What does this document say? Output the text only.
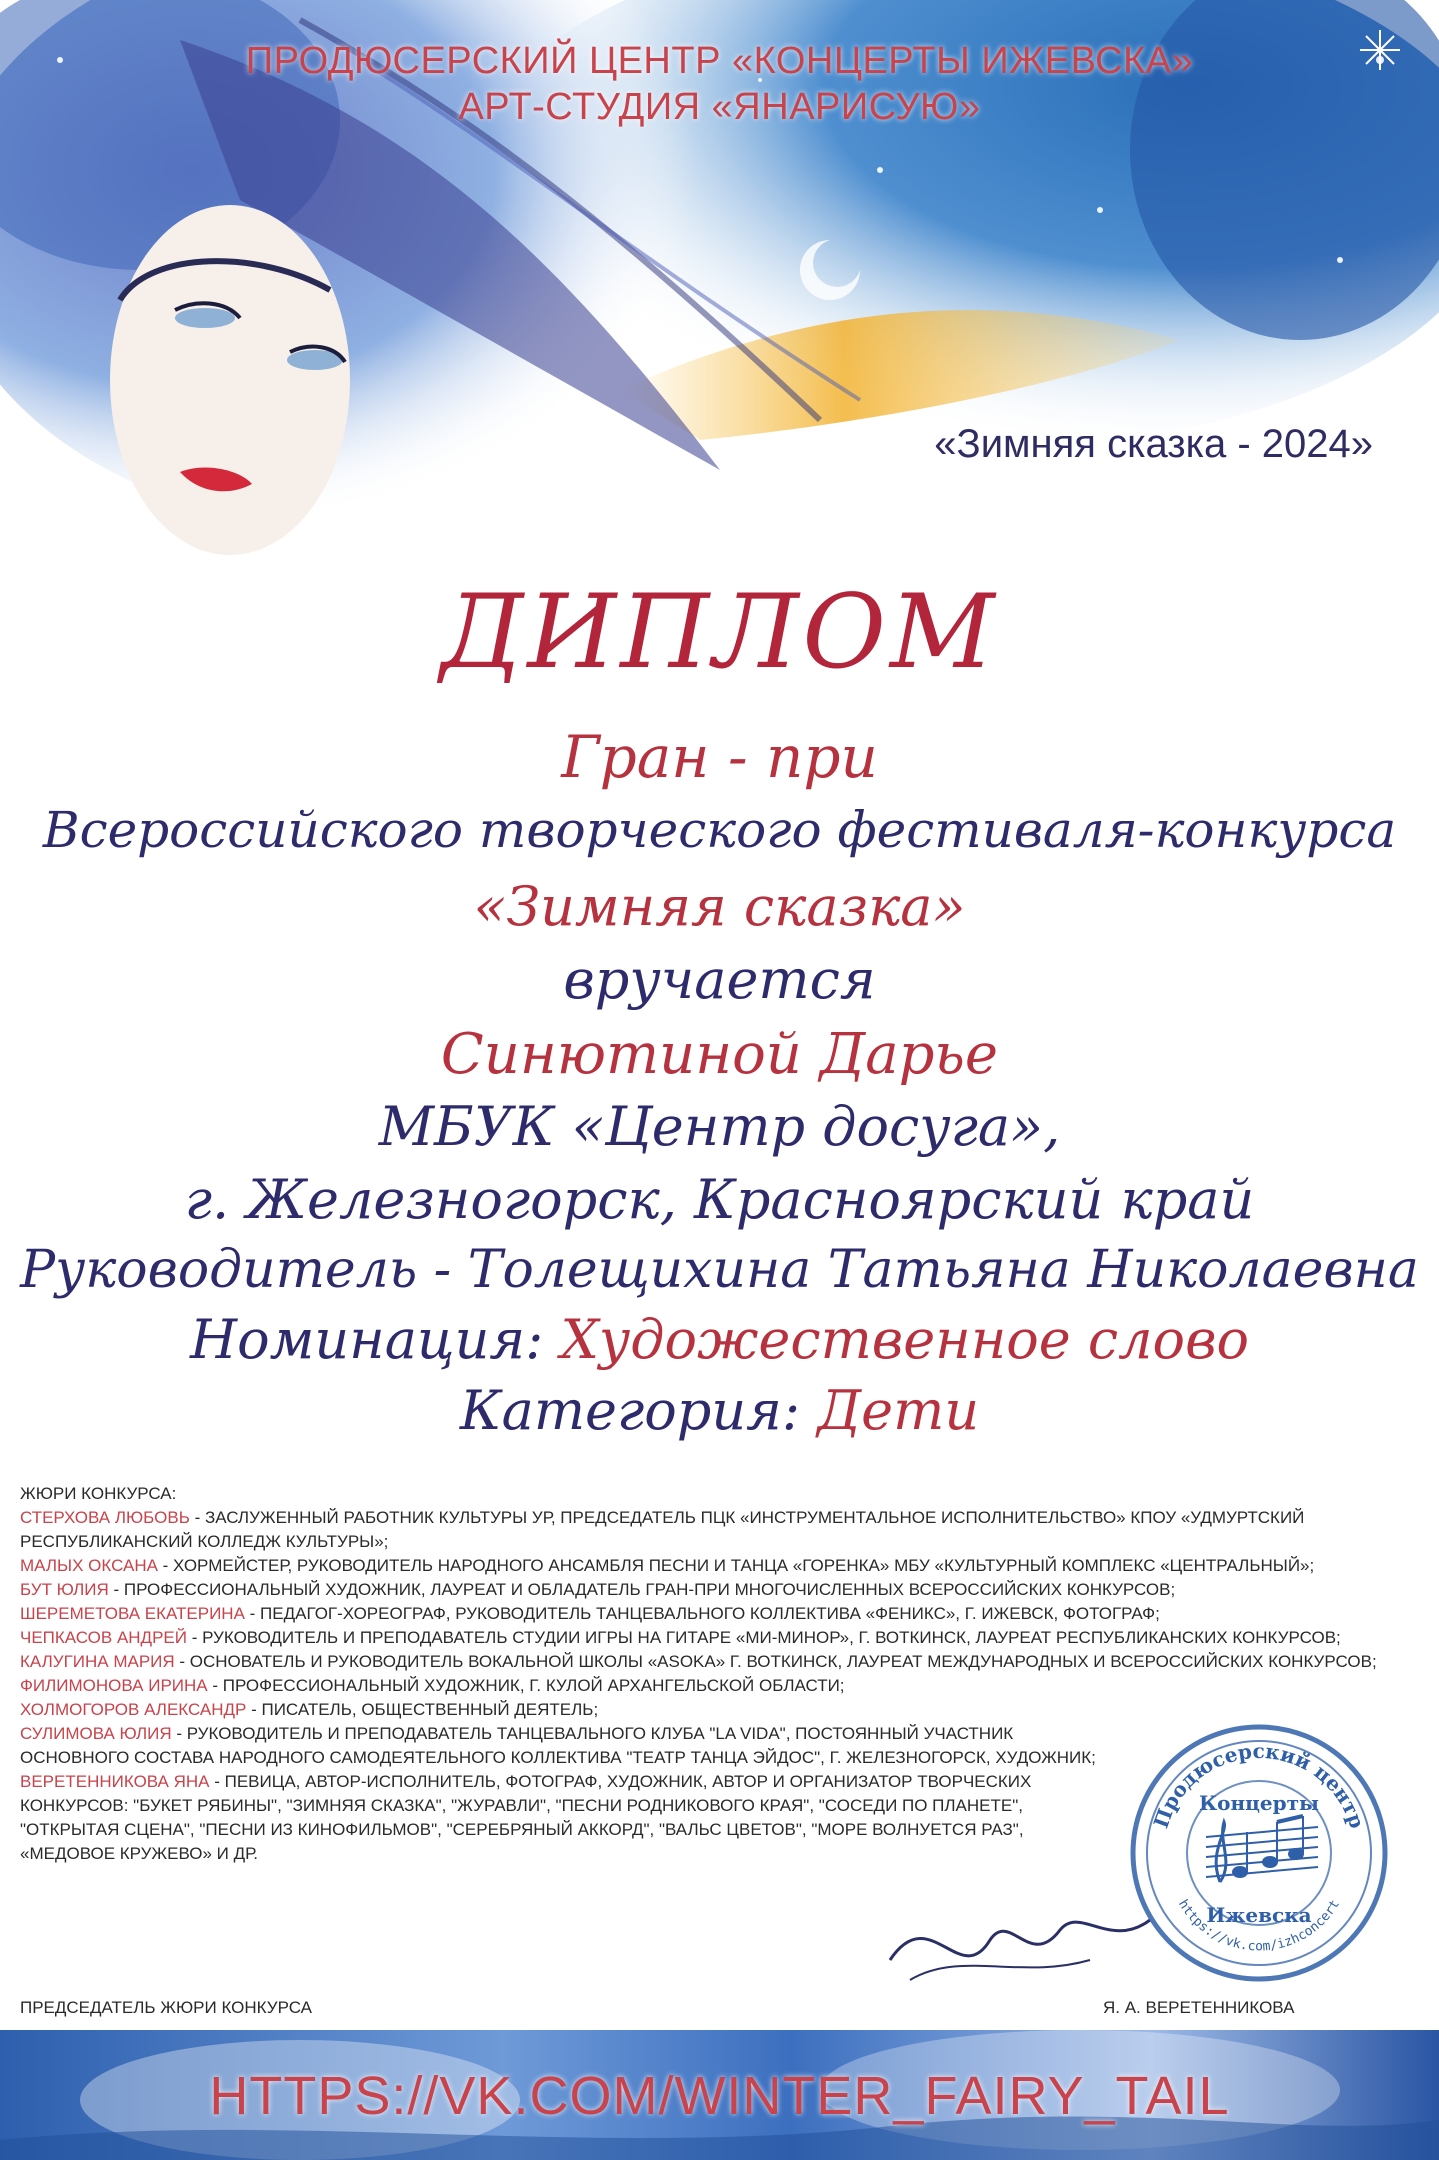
ПРОДЮСЕРСКИЙ ЦЕНТР «КОНЦЕРТЫ ИЖЕВСКА»
АРТ-СТУДИЯ «ЯНАРИСУЮ»
«Зимняя сказка - 2024»
ДИПЛОМ
Гран - при
Всероссийского творческого фестиваля-конкурса
«Зимняя сказка»
вручается
Синютиной Дарье
МБУК «Центр досуга»,
г. Железногорск, Красноярский край
Руководитель - Толещихина Татьяна Николаевна
Номинация: Художественное слово
Категория: Дети

ЖЮРИ КОНКУРСА:

СТЕРХОВА ЛЮБОВЬ - ЗАСЛУЖЕННЫЙ РАБОТНИК КУЛЬТУРЫ УР, ПРЕДСЕДАТЕЛЬ ПЦК «ИНСТРУМЕНТАЛЬНОЕ ИСПОЛНИТЕЛЬСТВО» КПОУ «УДМУРТСКИЙ РЕСПУБЛИКАНСКИЙ КОЛЛЕДЖ КУЛЬТУРЫ»;

МАЛЫХ ОКСАНА - ХОРМЕЙСТЕР, РУКОВОДИТЕЛЬ НАРОДНОГО АНСАМБЛЯ ПЕСНИ И ТАНЦА «ГОРЕНКА» МБУ «КУЛЬТУРНЫЙ КОМПЛЕКС «ЦЕНТРАЛЬНЫЙ»;

БУТ ЮЛИЯ - ПРОФЕССИОНАЛЬНЫЙ ХУДОЖНИК, ЛАУРЕАТ И ОБЛАДАТЕЛЬ ГРАН-ПРИ МНОГОЧИСЛЕННЫХ ВСЕРОССИЙСКИХ КОНКУРСОВ;

ШЕРЕМЕТОВА ЕКАТЕРИНА - ПЕДАГОГ-ХОРЕОГРАФ, РУКОВОДИТЕЛЬ ТАНЦЕВАЛЬНОГО КОЛЛЕКТИВА «ФЕНИКС», Г. ИЖЕВСК, ФОТОГРАФ;

ЧЕПКАСОВ АНДРЕЙ - РУКОВОДИТЕЛЬ И ПРЕПОДАВАТЕЛЬ СТУДИИ ИГРЫ НА ГИТАРЕ «МИ-МИНОР», Г. ВОТКИНСК, ЛАУРЕАТ РЕСПУБЛИКАНСКИХ КОНКУРСОВ;

КАЛУГИНА МАРИЯ - ОСНОВАТЕЛЬ И РУКОВОДИТЕЛЬ ВОКАЛЬНОЙ ШКОЛЫ «ASOKA» Г. ВОТКИНСК, ЛАУРЕАТ МЕЖДУНАРОДНЫХ И ВСЕРОССИЙСКИХ КОНКУРСОВ;

ФИЛИМОНОВА ИРИНА - ПРОФЕССИОНАЛЬНЫЙ ХУДОЖНИК, Г. КУЛОЙ АРХАНГЕЛЬСКОЙ ОБЛАСТИ;

ХОЛМОГОРОВ АЛЕКСАНДР - ПИСАТЕЛЬ, ОБЩЕСТВЕННЫЙ ДЕЯТЕЛЬ;

СУЛИМОВА ЮЛИЯ - РУКОВОДИТЕЛЬ И ПРЕПОДАВАТЕЛЬ ТАНЦЕВАЛЬНОГО КЛУБА "LA VIDA", ПОСТОЯННЫЙ УЧАСТНИК ОСНОВНОГО СОСТАВА НАРОДНОГО САМОДЕЯТЕЛЬНОГО КОЛЛЕКТИВА "ТЕАТР ТАНЦА ЭЙДОС", Г. ЖЕЛЕЗНОГОРСК, ХУДОЖНИК;

ВЕРЕТЕННИКОВА ЯНА - ПЕВИЦА, АВТОР-ИСПОЛНИТЕЛЬ, ФОТОГРАФ, ХУДОЖНИК, АВТОР И ОРГАНИЗАТОР ТВОРЧЕСКИХ КОНКУРСОВ: "БУКЕТ РЯБИНЫ", "ЗИМНЯЯ СКАЗКА", "ЖУРАВЛИ", "ПЕСНИ РОДНИКОВОГО КРАЯ", "СОСЕДИ ПО ПЛАНЕТЕ", "ОТКРЫТАЯ СЦЕНА", "ПЕСНИ ИЗ КИНОФИЛЬМОВ", "СЕРЕБРЯНЫЙ АККОРД", "ВАЛЬС ЦВЕТОВ", "МОРЕ ВОЛНУЕТСЯ РАЗ", «МЕДОВОЕ КРУЖЕВО» И ДР.

Продюсерский центр
https://vk.com/izhconcert
Концерты
Ижевска
ПРЕДСЕДАТЕЛЬ ЖЮРИ КОНКУРСА	Я. А. ВЕРЕТЕННИКОВА
HTTPS://VK.COM/WINTER_FAIRY_TAIL
